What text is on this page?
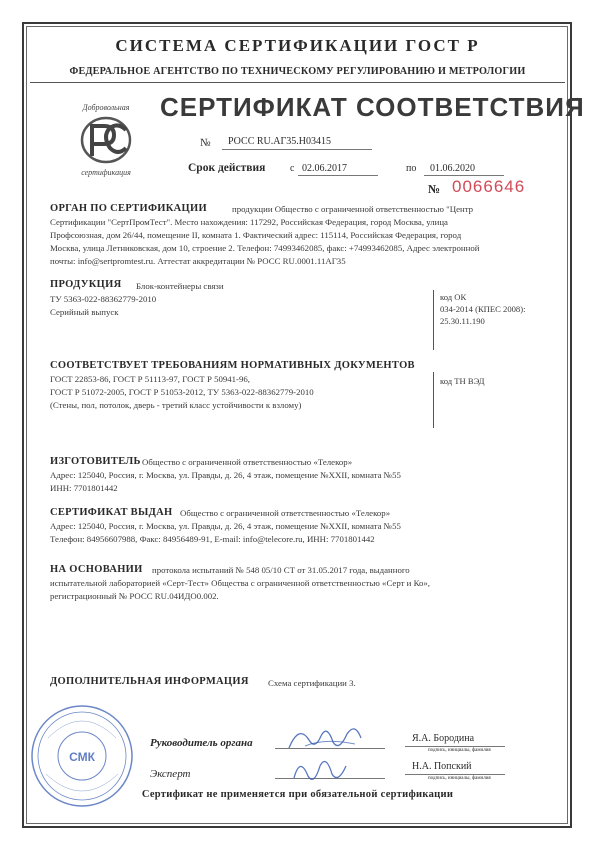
СИСТЕМА СЕРТИФИКАЦИИ ГОСТ Р
ФЕДЕРАЛЬНОЕ АГЕНТСТВО ПО ТЕХНИЧЕСКОМУ РЕГУЛИРОВАНИЮ И МЕТРОЛОГИИ
Добровольная
сертификация
СЕРТИФИКАТ СООТВЕТСТВИЯ
№ РОСС RU.АГ35.Н03415
Срок действия с 02.06.2017	по 01.06.2020
№ 0066646
ОРГАН ПО СЕРТИФИКАЦИИ	продукции Общество с ограниченной ответственностью "Центр
Сертификации "СертПромТест". Место нахождения: 117292, Российская Федерация, город Москва, улица
Профсоюзная, дом 26/44, помещение II, комната 1. Фактический адрес: 115114, Российская Федерация, город
Москва, улица Летниковская, дом 10, строение 2. Телефон: 74993462085, факс: +74993462085, Адрес электронной
почты: info@sertpromtest.ru. Аттестат аккредитации № РОСС RU.0001.11АГ35
ПРОДУКЦИЯ Блок-контейнеры связи
ТУ 5363-022-88362779-2010
Серийный выпуск
код ОК
034-2014 (КПЕС 2008):
25.30.11.190
СООТВЕТСТВУЕТ ТРЕБОВАНИЯМ НОРМАТИВНЫХ ДОКУМЕНТОВ
ГОСТ 22853-86, ГОСТ Р 51113-97, ГОСТ Р 50941-96,
ГОСТ Р 51072-2005, ГОСТ Р 51053-2012, ТУ 5363-022-88362779-2010
(Стены, пол, потолок, дверь - третий класс устойчивости к взлому)
код ТН ВЭД
ИЗГОТОВИТЕЛЬ Общество с ограниченной ответственностью «Телекор»
Адрес: 125040, Россия, г. Москва, ул. Правды, д. 26, 4 этаж, помещение №XXII, комната №55
ИНН: 7701801442
СЕРТИФИКАТ ВЫДАН Общество с ограниченной ответственностью «Телекор»
Адрес: 125040, Россия, г. Москва, ул. Правды, д. 26, 4 этаж, помещение №XXII, комната №55
Телефон: 84956607988, Факс: 84956489-91, E-mail: info@telecore.ru, ИНН: 7701801442
НА ОСНОВАНИИ	протокола испытаний № 548 05/10 СТ от 31.05.2017 года, выданного
испытательной лабораторией «Серт-Тест» Общества с ограниченной ответственностью «Серт и Ко»,
регистрационный № РОСС RU.04ИДО0.002.
ДОПОЛНИТЕЛЬНАЯ ИНФОРМАЦИЯ Схема сертификации 3.
СМК
Руководитель органа	Я.А. Бородина
подпись, инициалы, фамилия
Эксперт
Н.А. Попский
подпись, инициалы, фамилия
Сертификат не применяется при обязательной сертификации
